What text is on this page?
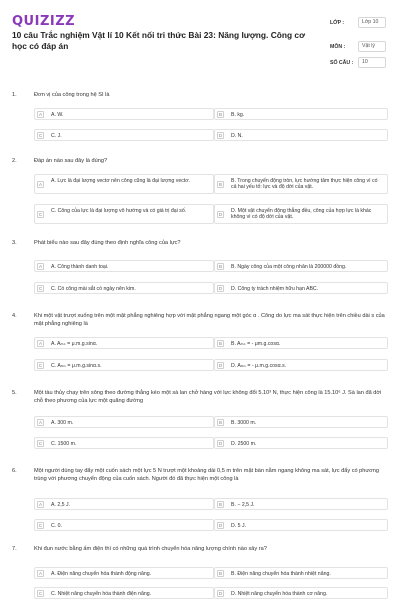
QUIZIZZ
10 câu Trắc nghiệm Vật lí 10 Kết nối tri thức Bài 23: Năng lượng. Công cơ học có đáp án
LỚP :	Lớp 10
MÔN :	Vật lý
SỐ CÂU :	10
1.	Đơn vị của công trong hệ SI là
A	A. W.	B	B. kg.
C	C. J.	D	D. N.
2.	Đáp án nào sau đây là đúng?
A
A. Lực là đại lượng vectơ nên công cũng là đại lượng vectơ.
B
B. Trong chuyển động tròn, lực hướng tâm thực hiện công vì có cả hai yếu tố: lực và độ dời của vật.
C
C. Công của lực là đại lượng vô hướng và có giá trị đại số.
D
D. Một vật chuyển động thẳng đều, công của hợp lực là khác không vì có độ dời của vật.
3.	Phát biểu nào sau đây đúng theo định nghĩa công của lực?
A	A. Công thành danh toại.	B	B. Ngày công của một công nhân là 200000 đồng.
C	C. Có công mài sắt có ngày nên kim.	D	D. Công ty trách nhiệm hữu hạn ABC.
4.	Khi một vật trượt xuống trên một mặt phẳng nghiêng hợp với mặt phẳng ngang một góc α . Công do lực ma sát thực hiện trên chiều dài s của mặt phẳng nghiêng là
A	A. Aₘₛ = μ.m.g.sinα.	B	B. Aₘₛ = - μm.g.cosα.
C	C. Aₘₛ = μ.m.g.sinα.s.	D	D. Aₘₛ = - μ.m.g.cosα.s.
5.	Một tàu thủy chạy trên sông theo đường thẳng kéo một sà lan chở hàng với lực không đổi 5.10³ N, thực hiện công là 15.10⁶ J. Sà lan đã dời chỗ theo phương của lực một quãng đường
A	A. 300 m.	B	B. 3000 m.
C	C. 1500 m.	D	D. 2500 m.
6.	Một người dùng tay đẩy một cuốn sách một lực 5 N trượt một khoảng dài 0,5 m trên mặt bàn nằm ngang không ma sát, lực đẩy có phương trùng với phương chuyển động của cuốn sách. Người đó đã thực hiện một công là
A	A. 2,5 J.	B	B. − 2,5 J.
C	C. 0.	D	D. 5 J.
7.	Khi đun nước bằng ấm điện thì có những quá trình chuyển hóa năng lượng chính nào xảy ra?
A	A. Điện năng chuyển hóa thành động năng.	B	B. Điện năng chuyển hóa thành nhiệt năng.
C	C. Nhiệt năng chuyển hóa thành điện năng.	D	D. Nhiệt năng chuyển hóa thành cơ năng.
